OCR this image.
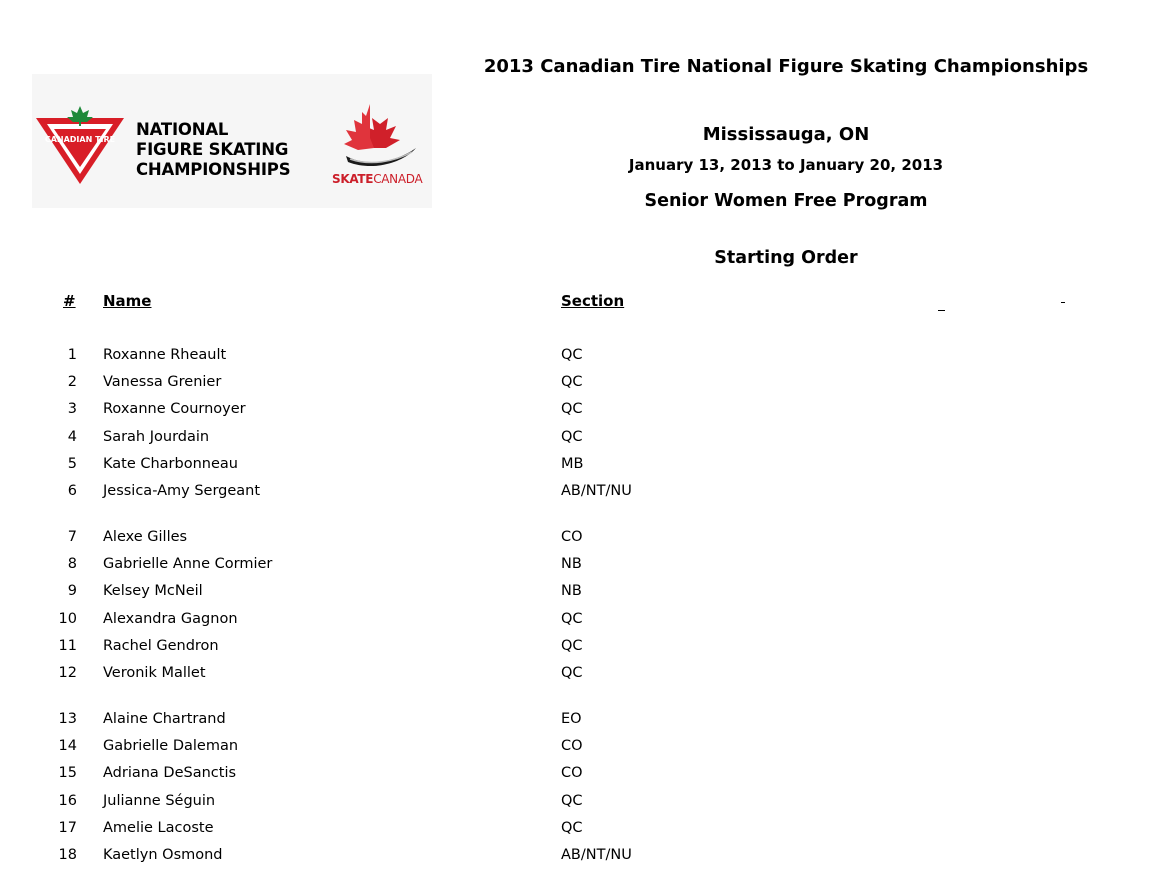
CANADIAN TIRE
NATIONAL
FIGURE SKATING
CHAMPIONSHIPS	SKATECANADA
2013 Canadian Tire National Figure Skating Championships
Mississauga, ON
January 13, 2013 to January 20, 2013
Senior Women Free Program
Starting Order
# Name	Section
1 Roxanne Rheault	QC
2 Vanessa Grenier	QC
3 Roxanne Cournoyer	QC
4 Sarah Jourdain	QC
5 Kate Charbonneau	MB
6 Jessica-Amy Sergeant	AB/NT/NU
7 Alexe Gilles	CO
8 Gabrielle Anne Cormier	NB
9 Kelsey McNeil	NB
10 Alexandra Gagnon	QC
11 Rachel Gendron	QC
12 Veronik Mallet	QC
13 Alaine Chartrand	EO
14 Gabrielle Daleman	CO
15 Adriana DeSanctis	CO
16 Julianne Séguin	QC
17 Amelie Lacoste	QC
18 Kaetlyn Osmond	AB/NT/NU
